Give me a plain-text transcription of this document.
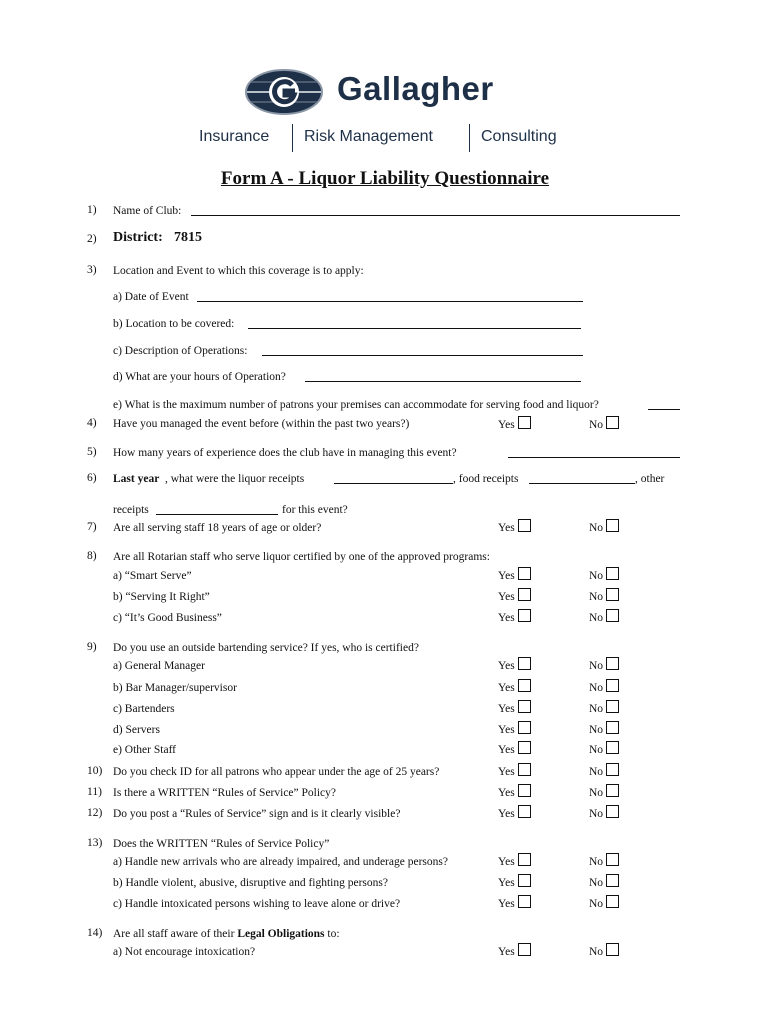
Gallagher
Insurance Risk Management	Consulting
Form A - Liquor Liability Questionnaire
1) Name of Club:
2) District: 7815
3) Location and Event to which this coverage is to apply:
a) Date of Event
b) Location to be covered:
c) Description of Operations:
d) What are your hours of Operation?
e) What is the maximum number of patrons your premises can accommodate for serving food and liquor?
4) Have you managed the event before (within the past two years?)	Yes	No
5) How many years of experience does the club have in managing this event?
6) Last year , what were the liquor receipts	, food receipts	, other
receipts	for this event?
7) Are all serving staff 18 years of age or older?	Yes	No
8) Are all Rotarian staff who serve liquor certified by one of the approved programs:
a) “Smart Serve”	Yes	No
b) “Serving It Right”	Yes	No
c) “It’s Good Business”	Yes	No
9) Do you use an outside bartending service? If yes, who is certified?
a) General Manager	Yes	No
b) Bar Manager/supervisor	Yes	No
c) Bartenders	Yes	No
d) Servers	Yes	No
e) Other Staff	Yes	No
10) Do you check ID for all patrons who appear under the age of 25 years?	Yes	No
11) Is there a WRITTEN “Rules of Service” Policy?	Yes	No
12) Do you post a “Rules of Service” sign and is it clearly visible?	Yes	No
13) Does the WRITTEN “Rules of Service Policy”
a) Handle new arrivals who are already impaired, and underage persons?	Yes	No
b) Handle violent, abusive, disruptive and fighting persons?	Yes	No
c) Handle intoxicated persons wishing to leave alone or drive?	Yes	No
14) Are all staff aware of their Legal Obligations to:
a) Not encourage intoxication?	Yes	No
